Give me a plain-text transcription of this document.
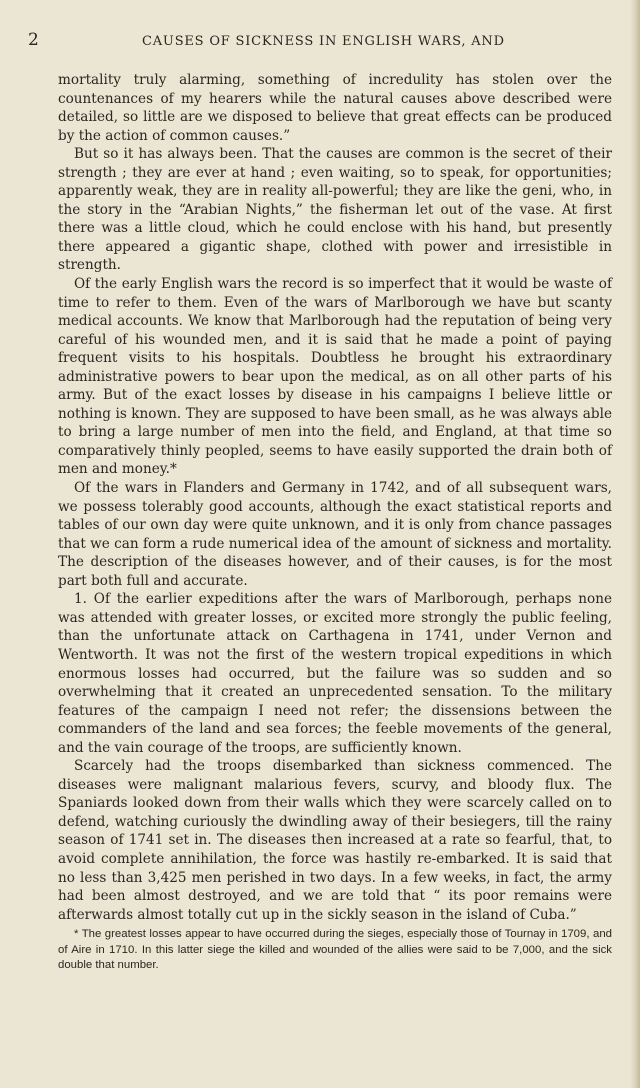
2	CAUSES OF SICKNESS IN ENGLISH WARS, AND

mortality truly alarming, something of incredulity has stolen over the countenances of my hearers while the natural causes above described were detailed, so little are we disposed to believe that great effects can be produced by the action of common causes.”

But so it has always been. That the causes are common is the secret of their strength ; they are ever at hand ; even waiting, so to speak, for opportunities; apparently weak, they are in reality all-powerful; they are like the geni, who, in the story in the “Arabian Nights,” the fisherman let out of the vase. At first there was a little cloud, which he could enclose with his hand, but presently there appeared a gigantic shape, clothed with power and irresistible in strength.

Of the early English wars the record is so imperfect that it would be waste of time to refer to them. Even of the wars of Marlborough we have but scanty medical accounts. We know that Marlborough had the reputation of being very careful of his wounded men, and it is said that he made a point of paying frequent visits to his hospitals. Doubtless he brought his extraordinary administrative powers to bear upon the medical, as on all other parts of his army. But of the exact losses by disease in his campaigns I believe little or nothing is known. They are supposed to have been small, as he was always able to bring a large number of men into the field, and England, at that time so comparatively thinly peopled, seems to have easily supported the drain both of men and money.*

Of the wars in Flanders and Germany in 1742, and of all subsequent wars, we possess tolerably good accounts, although the exact statistical reports and tables of our own day were quite unknown, and it is only from chance passages that we can form a rude numerical idea of the amount of sickness and mortality. The description of the diseases however, and of their causes, is for the most part both full and accurate.

1. Of the earlier expeditions after the wars of Marlborough, perhaps none was attended with greater losses, or excited more strongly the public feeling, than the unfortunate attack on Carthagena in 1741, under Vernon and Wentworth. It was not the first of the western tropical expeditions in which enormous losses had occurred, but the failure was so sudden and so overwhelming that it created an unprecedented sensation. To the military features of the campaign I need not refer; the dissensions between the commanders of the land and sea forces; the feeble movements of the general, and the vain courage of the troops, are sufficiently known.

Scarcely had the troops disembarked than sickness commenced. The diseases were malignant malarious fevers, scurvy, and bloody flux. The Spaniards looked down from their walls which they were scarcely called on to defend, watching curiously the dwindling away of their besiegers, till the rainy season of 1741 set in. The diseases then increased at a rate so fearful, that, to avoid complete annihilation, the force was hastily re-embarked. It is said that no less than 3,425 men perished in two days. In a few weeks, in fact, the army had been almost destroyed, and we are told that “ its poor remains were afterwards almost totally cut up in the sickly season in the island of Cuba.”

* The greatest losses appear to have occurred during the sieges, especially those of Tournay in 1709, and of Aire in 1710. In this latter siege the killed and wounded of the allies were said to be 7,000, and the sick double that number.
